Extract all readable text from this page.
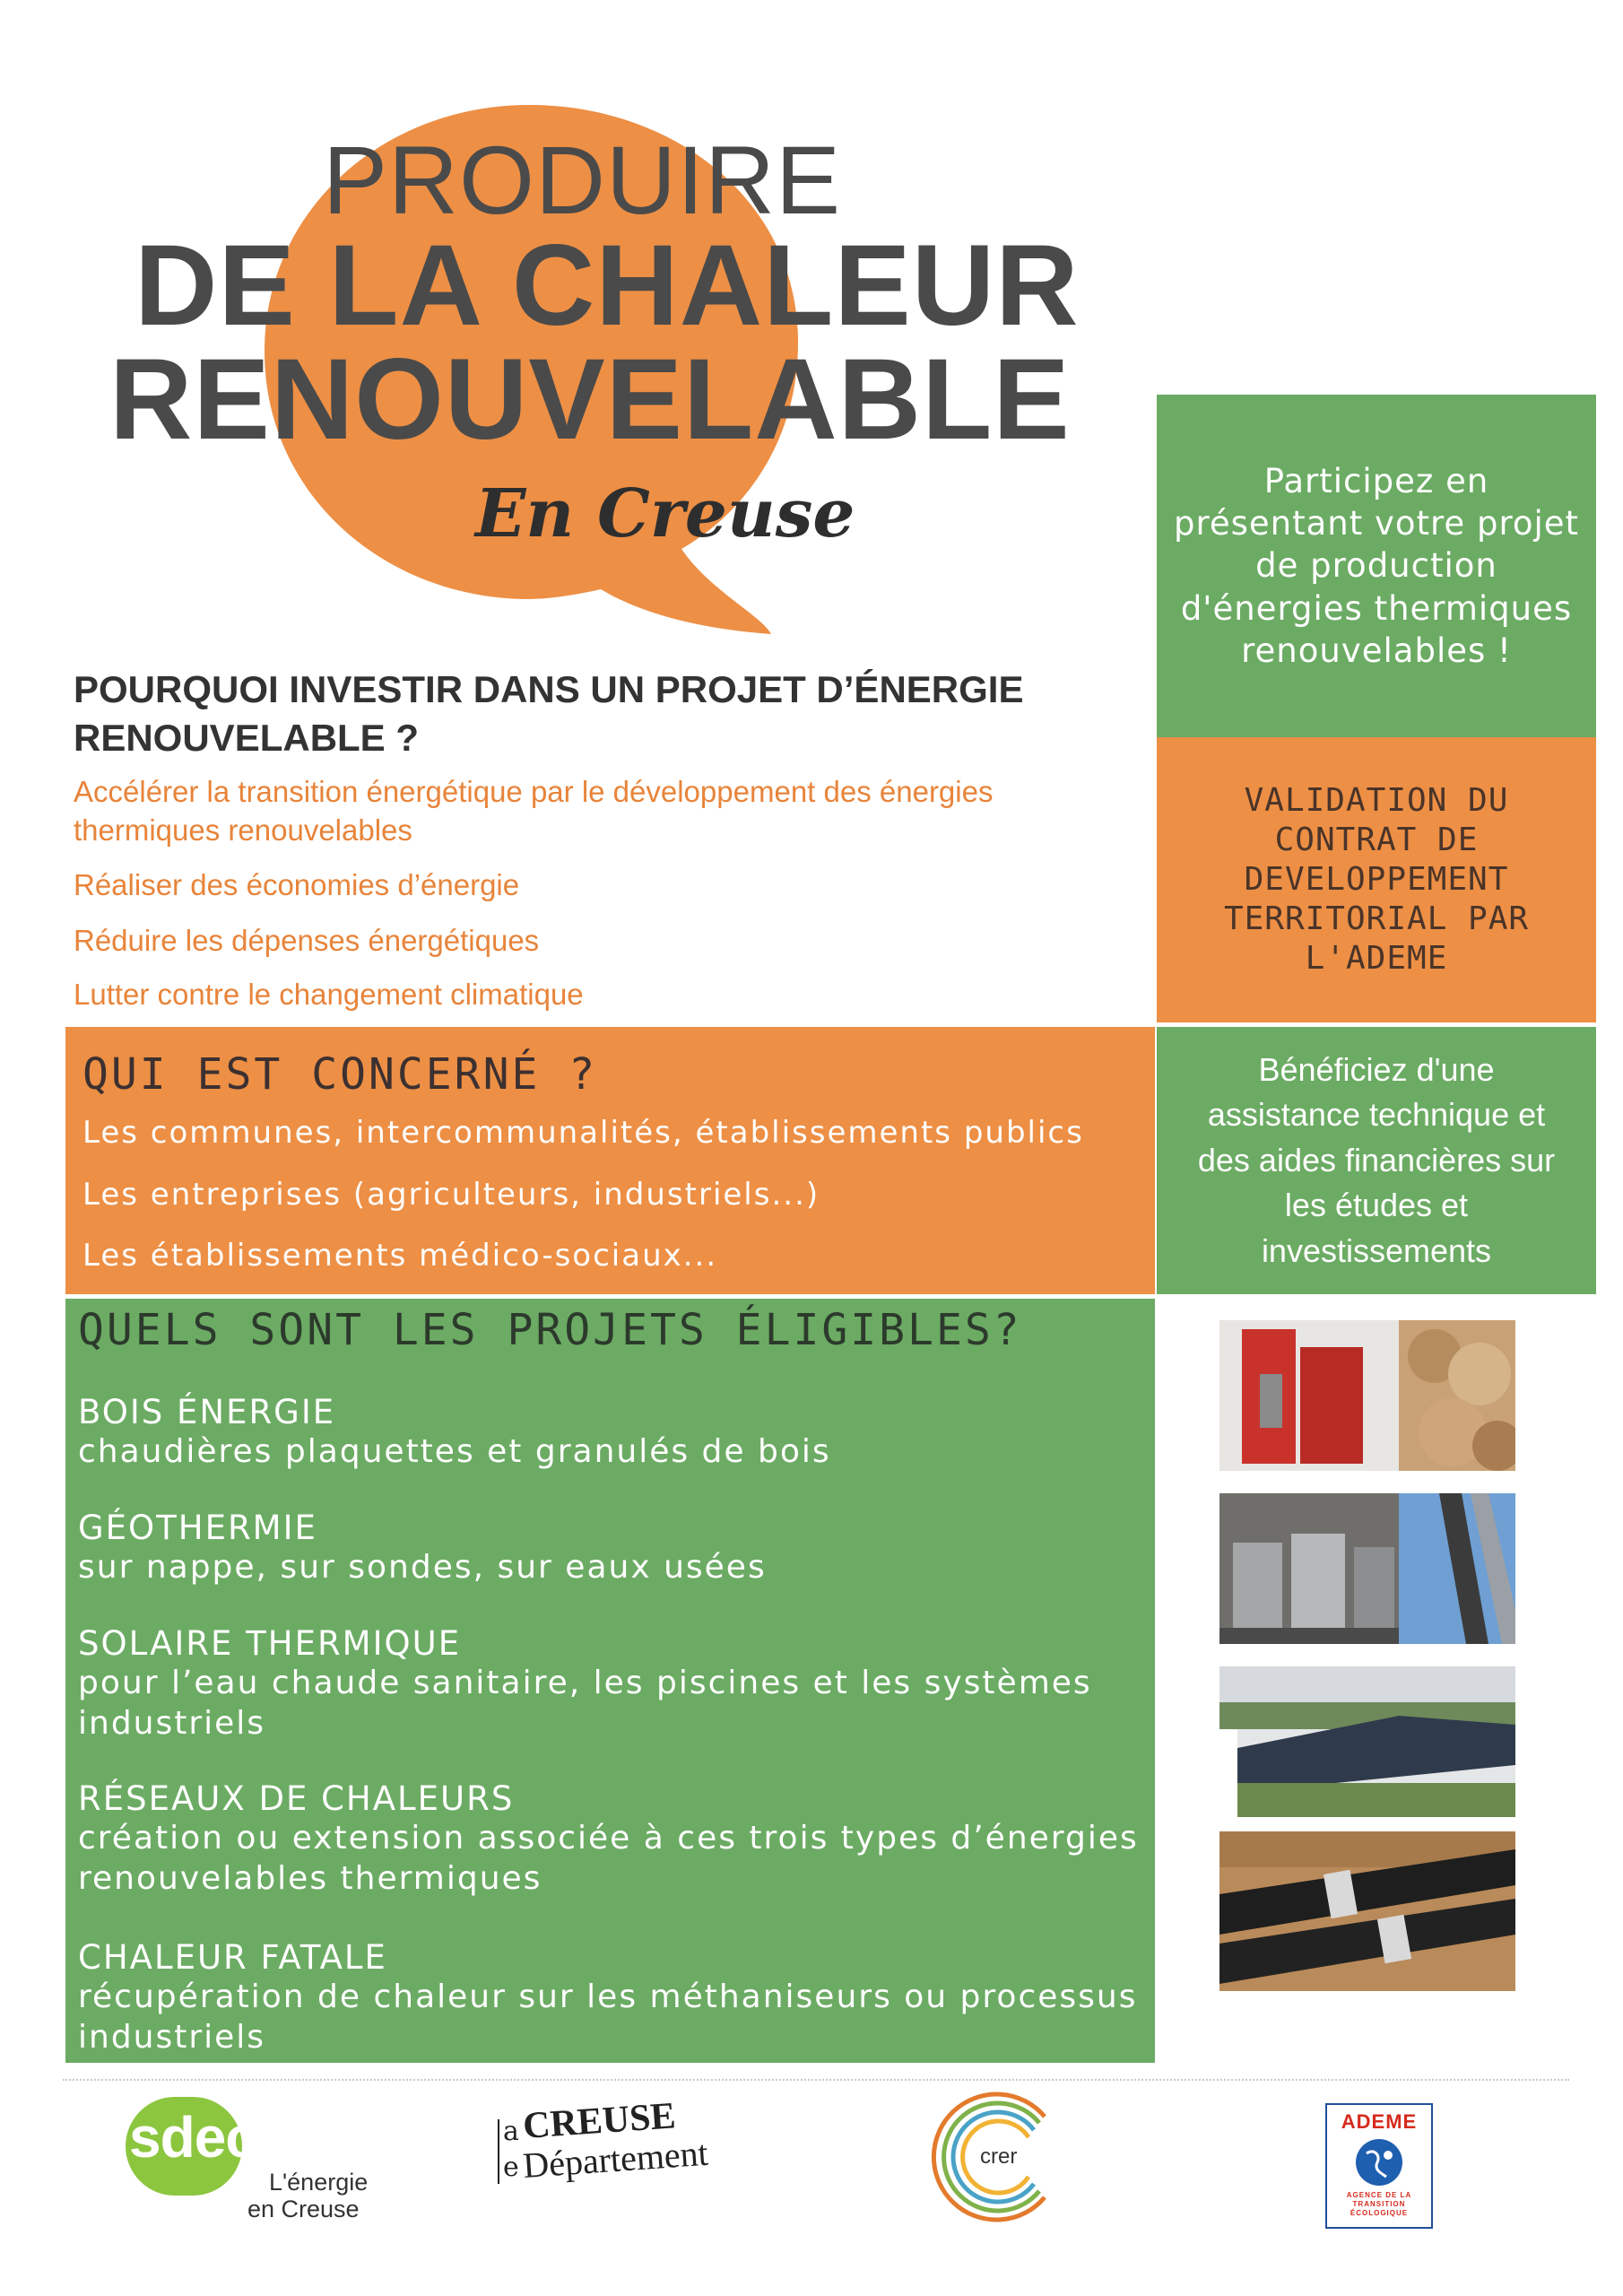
PRODUIRE
DE LA CHALEUR
RENOUVELABLE
En Creuse
POURQUOI INVESTIR DANS UN PROJET D’ÉNERGIE RENOUVELABLE ?
Accélérer la transition énergétique par le développement des énergies thermiques renouvelables
Réaliser des économies d’énergie
Réduire les dépenses énergétiques
Lutter contre le changement climatique
Participez en présentant votre projet de production d'énergies thermiques renouvelables !
VALIDATION DU CONTRAT DE DEVELOPPEMENT TERRITORIAL PAR L'ADEME
Bénéficiez d'une assistance technique et des aides financières sur les études et investissements
QUI EST CONCERNÉ ?
Les communes, intercommunalités, établissements publics
Les entreprises (agriculteurs, industriels...)
Les établissements médico-sociaux...
QUELS SONT LES PROJETS ÉLIGIBLES?
BOIS ÉNERGIE
chaudières plaquettes et granulés de bois
GÉOTHERMIE
sur nappe, sur sondes, sur eaux usées
SOLAIRE THERMIQUE
pour l’eau chaude sanitaire, les piscines et les systèmes industriels
RÉSEAUX DE CHALEURS
création ou extension associée à ces trois types d’énergies renouvelables thermiques
CHALEUR FATALE
récupération de chaleur sur les méthaniseurs ou processus industriels
sdec23
L'énergie
en Creuse
a CREUSE
e Département	crer
ADEME
AGENCE DE LA
TRANSITION
ÉCOLOGIQUE
